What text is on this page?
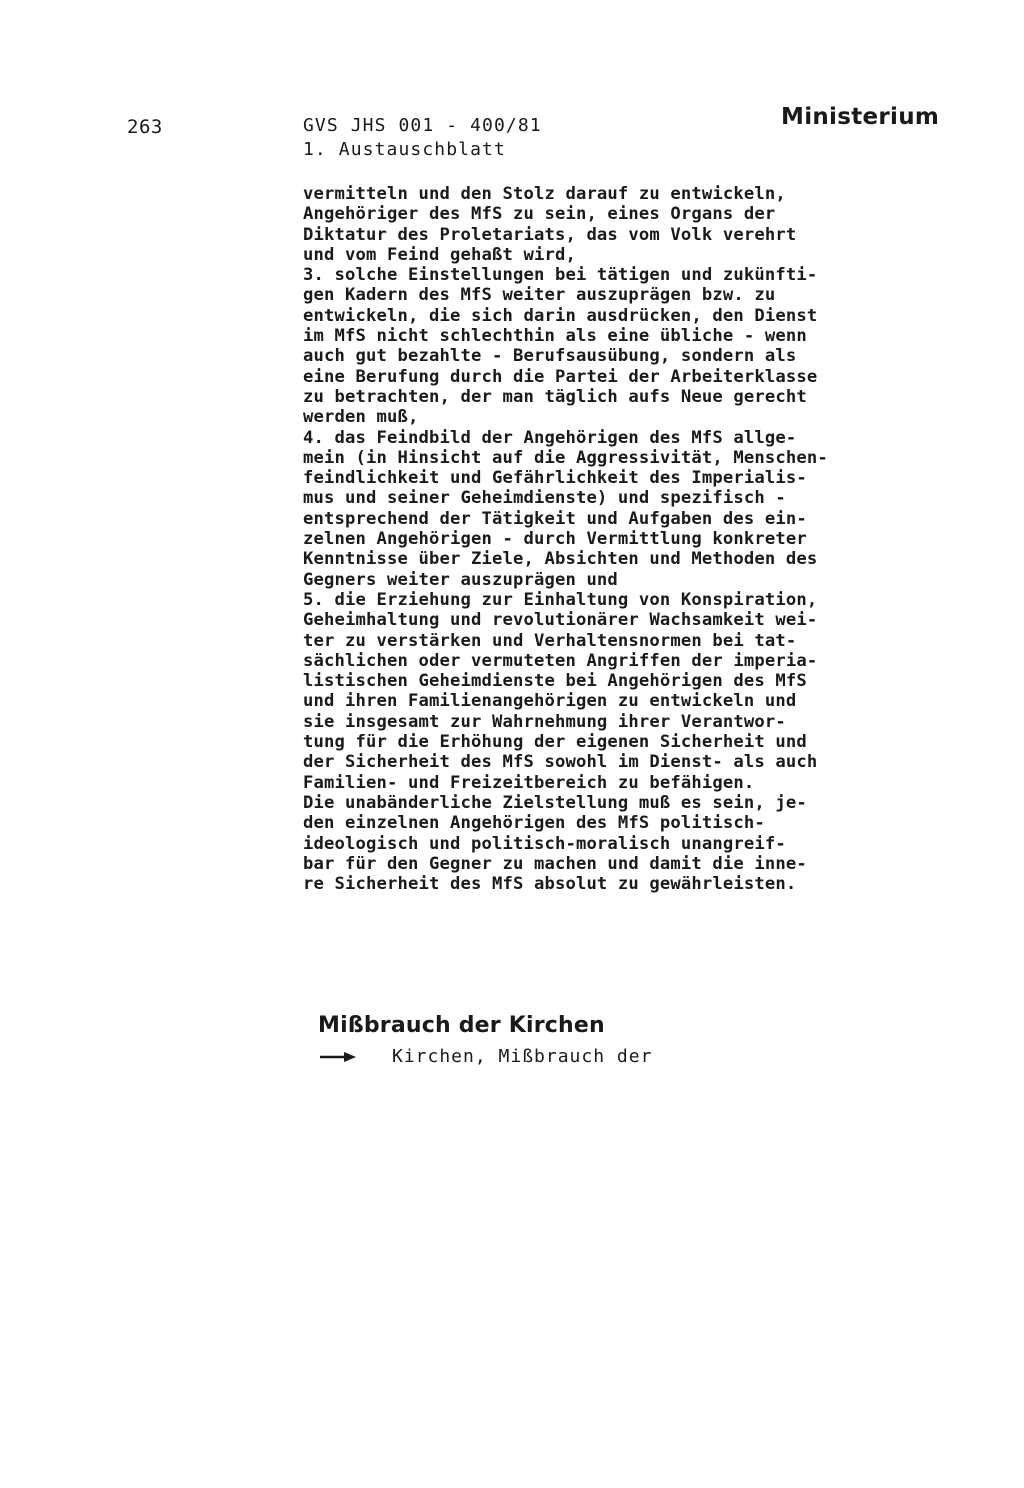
263	GVS JHS 001 - 400/81
1. Austauschblatt
Ministerium
vermitteln und den Stolz darauf zu entwickeln,
Angehöriger des MfS zu sein, eines Organs der
Diktatur des Proletariats, das vom Volk verehrt
und vom Feind gehaßt wird,
3. solche Einstellungen bei tätigen und zukünfti-
gen Kadern des MfS weiter auszuprägen bzw. zu
entwickeln, die sich darin ausdrücken, den Dienst
im MfS nicht schlechthin als eine übliche - wenn
auch gut bezahlte - Berufsausübung, sondern als
eine Berufung durch die Partei der Arbeiterklasse
zu betrachten, der man täglich aufs Neue gerecht
werden muß,
4. das Feindbild der Angehörigen des MfS allge-
mein (in Hinsicht auf die Aggressivität, Menschen-
feindlichkeit und Gefährlichkeit des Imperialis-
mus und seiner Geheimdienste) und spezifisch -
entsprechend der Tätigkeit und Aufgaben des ein-
zelnen Angehörigen - durch Vermittlung konkreter
Kenntnisse über Ziele, Absichten und Methoden des
Gegners weiter auszuprägen und
5. die Erziehung zur Einhaltung von Konspiration,
Geheimhaltung und revolutionärer Wachsamkeit wei-
ter zu verstärken und Verhaltensnormen bei tat-
sächlichen oder vermuteten Angriffen der imperia-
listischen Geheimdienste bei Angehörigen des MfS
und ihren Familienangehörigen zu entwickeln und
sie insgesamt zur Wahrnehmung ihrer Verantwor-
tung für die Erhöhung der eigenen Sicherheit und
der Sicherheit des MfS sowohl im Dienst- als auch
Familien- und Freizeitbereich zu befähigen.
Die unabänderliche Zielstellung muß es sein, je-
den einzelnen Angehörigen des MfS politisch-
ideologisch und politisch-moralisch unangreif-
bar für den Gegner zu machen und damit die inne-
re Sicherheit des MfS absolut zu gewährleisten.
Mißbrauch der Kirchen
Kirchen, Mißbrauch der
